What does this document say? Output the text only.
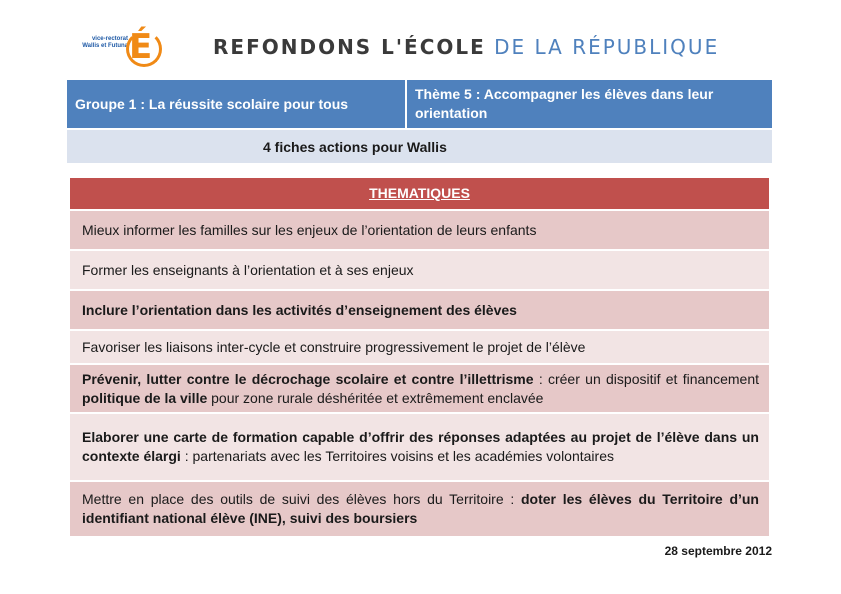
vice-rectorat
Wallis et Futuna É	REFONDONS L'ÉCOLE DE LA RÉPUBLIQUE
Groupe 1 : La réussite scolaire pour tous
Thème 5 : Accompagner les élèves dans leur orientation
4 fiches actions pour Wallis
THEMATIQUES
Mieux informer les familles sur les enjeux de l’orientation de leurs enfants
Former les enseignants à l’orientation et à ses enjeux
Inclure l’orientation dans les activités d’enseignement des élèves
Favoriser les liaisons inter-cycle et construire progressivement le projet de l’élève
Prévenir, lutter contre le décrochage scolaire et contre l’illettrisme : créer un dispositif et financement politique de la ville pour zone rurale déshéritée et extrêmement enclavée
Elaborer une carte de formation capable d’offrir des réponses adaptées au projet de l’élève dans un contexte élargi : partenariats avec les Territoires voisins et les académies volontaires
Mettre en place des outils de suivi des élèves hors du Territoire : doter les élèves du Territoire d’un identifiant national élève (INE), suivi des boursiers
28 septembre 2012
